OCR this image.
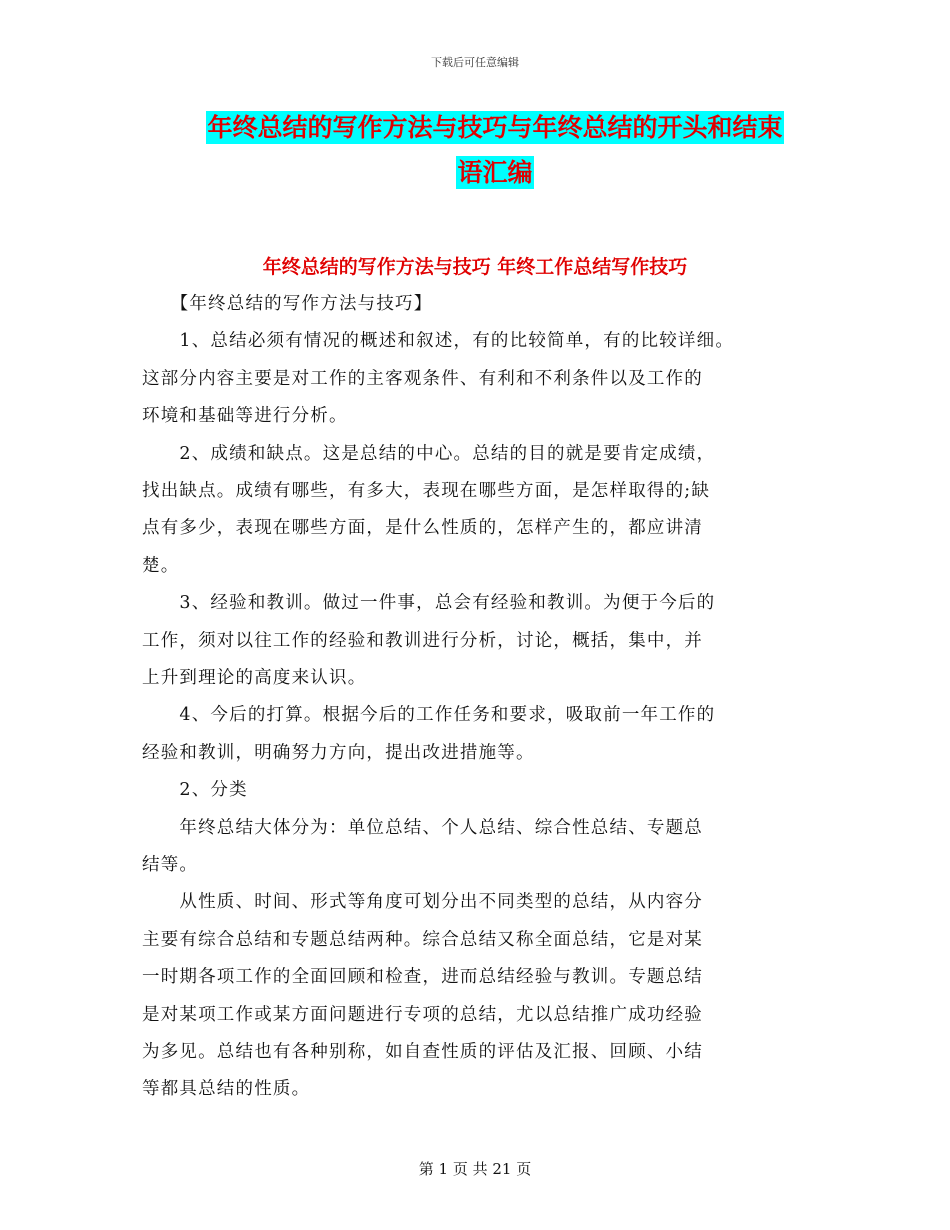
下载后可任意编辑
年终总结的写作方法与技巧与年终总结的开头和结束
语汇编
年终总结的写作方法与技巧 年终工作总结写作技巧
　　【年终总结的写作方法与技巧】
　　1、总结必须有情况的概述和叙述，有的比较简单，有的比较详细。
这部分内容主要是对工作的主客观条件、有利和不利条件以及工作的
环境和基础等进行分析。
　　2、成绩和缺点。这是总结的中心。总结的目的就是要肯定成绩，
找出缺点。成绩有哪些，有多大，表现在哪些方面，是怎样取得的;缺
点有多少，表现在哪些方面，是什么性质的，怎样产生的，都应讲清
楚。
　　3、经验和教训。做过一件事，总会有经验和教训。为便于今后的
工作，须对以往工作的经验和教训进行分析，讨论，概括，集中，并
上升到理论的高度来认识。
　　4、今后的打算。根据今后的工作任务和要求，吸取前一年工作的
经验和教训，明确努力方向，提出改进措施等。
　　2、分类
　　年终总结大体分为：单位总结、个人总结、综合性总结、专题总
结等。
　　从性质、时间、形式等角度可划分出不同类型的总结，从内容分
主要有综合总结和专题总结两种。综合总结又称全面总结，它是对某
一时期各项工作的全面回顾和检查，进而总结经验与教训。专题总结
是对某项工作或某方面问题进行专项的总结，尤以总结推广成功经验
为多见。总结也有各种别称，如自查性质的评估及汇报、回顾、小结
等都具总结的性质。
第 1 页 共 21 页
